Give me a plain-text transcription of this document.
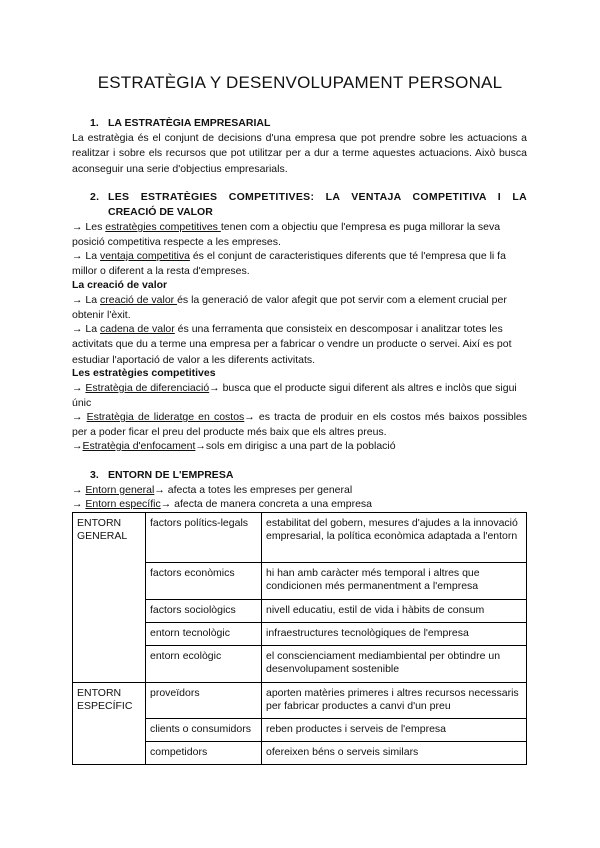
ESTRATÈGIA Y DESENVOLUPAMENT PERSONAL
1. LA ESTRATÈGIA EMPRESARIAL
La estratègia és el conjunt de decisions d'una empresa que pot prendre sobre les actuacions a realitzar i sobre els recursos que pot utilitzar per a dur a terme aquestes actuacions. Això busca aconseguir una serie d'objectius empresarials.
2. LES ESTRATÈGIES COMPETITIVES: LA VENTAJA COMPETITIVA I LA
CREACIÓ DE VALOR
→ Les estratègies competitives tenen com a objectiu que l'empresa es puga millorar la seva posició competitiva respecte a les empreses.
→ La ventaja competitiva és el conjunt de caracteristiques diferents que té l'empresa que li fa millor o diferent a la resta d'empreses.
La creació de valor
→ La creació de valor és la generació de valor afegit que pot servir com a element crucial per obtenir l'èxit.
→ La cadena de valor és una ferramenta que consisteix en descomposar i analitzar totes les activitats que du a terme una empresa per a fabricar o vendre un producte o servei. Així es pot estudiar l'aportació de valor a les diferents activitats.
Les estratègies competitives
→ Estratègia de diferenciació→ busca que el producte sigui diferent als altres e inclòs que sigui únic
→ Estratègia de lideratge en costos→ es tracta de produir en els costos més baixos possibles per a poder ficar el preu del producte més baix que els altres preus.
→Estratègia d'enfocament→sols em dirigisc a una part de la població
3. ENTORN DE L'EMPRESA
→ Entorn general→ afecta a totes les empreses per general
→ Entorn específic→ afecta de manera concreta a una empresa
ENTORN GENERAL	factors polítics-legals	estabilitat del gobern, mesures d'ajudes a la innovació empresarial, la política econòmica adaptada a l'entorn
	factors econòmics	hi han amb caràcter més temporal i altres que condicionen més permanentment a l'empresa
	factors sociològics	nivell educatiu, estil de vida i hàbits de consum
	entorn tecnològic	infraestructures tecnològiques de l'empresa
	entorn ecològic	el conscienciament mediambiental per obtindre un desenvolupament sostenible
ENTORN ESPECÍFIC	proveïdors	aporten matèries primeres i altres recursos necessaris per fabricar productes a canvi d'un preu
	clients o consumidors	reben productes i serveis de l'empresa
	competidors	ofereixen béns o serveis similars
